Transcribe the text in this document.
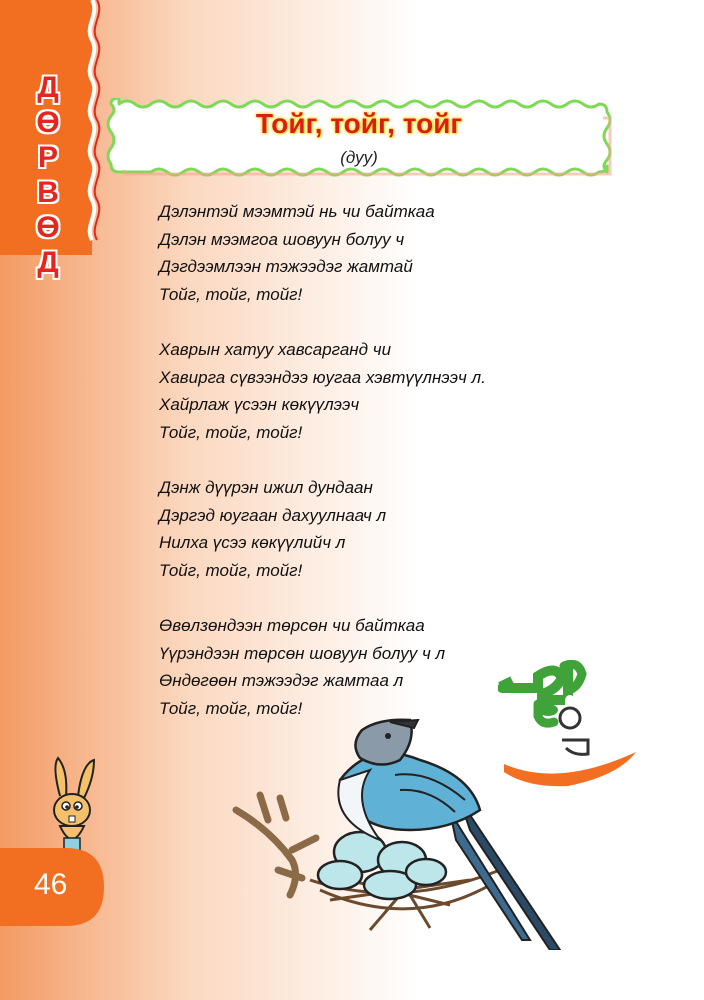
Д
Ө
Р
В
Ө
Д
Тойг, тойг, тойг
(дуу)
Дэлэнтэй мээмтэй нь чи байткаа
Дэлэн мээмгоа шовуун болуу ч
Дэгдээмлээн тэжээдэг жамтай
Тойг, тойг, тойг!
Хаврын хатуу хавсарганд чи
Хавирга сүвээндээ юугаа хэвтүүлнээч л.
Хайрлаж үсээн көкүүлээч
Тойг, тойг, тойг!
Дэнж дүүрэн ижил дундаан
Дэргэд юугаан дахуулнаач л
Нилха үсээ көкүүлийч л
Тойг, тойг, тойг!
Өвөлзөндээн төрсөн чи байткаа
Үүрэндээн төрсөн шовуун болуу ч л
Өндөгөөн тэжээдэг жамтаа л
Тойг, тойг, тойг!
46
